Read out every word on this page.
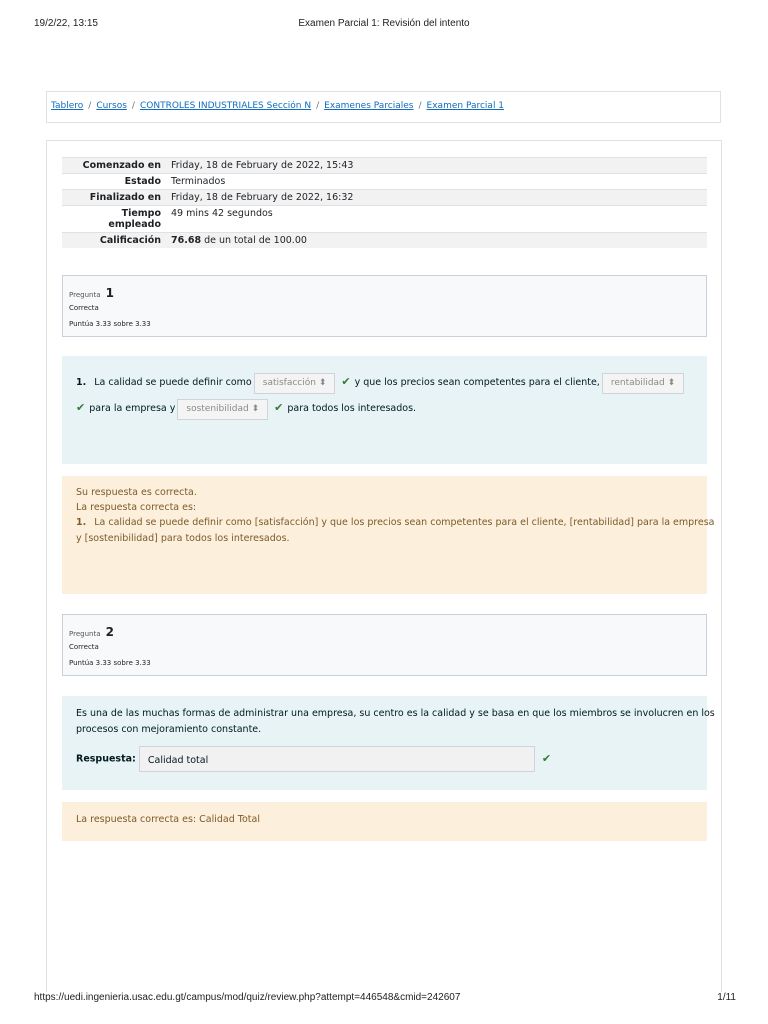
19/2/22, 13:15	Examen Parcial 1: Revisión del intento
Tablero / Cursos / CONTROLES INDUSTRIALES Sección N / Examenes Parciales / Examen Parcial 1
Comenzado en	Friday, 18 de February de 2022, 15:43
Estado	Terminados
Finalizado en	Friday, 18 de February de 2022, 16:32
Tiempo
empleado	49 mins 42 segundos
Calificación	76.68 de un total de 100.00
Pregunta 1
Correcta
Puntúa 3.33 sobre 3.33
1. La calidad se puede definir como satisfacción ⬍ ✔ y que los precios sean competentes para el cliente, rentabilidad ⬍
✔ para la empresa y sostenibilidad ⬍ ✔ para todos los interesados.
Su respuesta es correcta.
La respuesta correcta es:
1. La calidad se puede definir como [satisfacción] y que los precios sean competentes para el cliente, [rentabilidad] para la empresa
y [sostenibilidad] para todos los interesados.
Pregunta 2
Correcta
Puntúa 3.33 sobre 3.33
Es una de las muchas formas de administrar una empresa, su centro es la calidad y se basa en que los miembros se involucren en los
procesos con mejoramiento constante.
Respuesta: Calidad total	✔
La respuesta correcta es: Calidad Total
https://uedi.ingenieria.usac.edu.gt/campus/mod/quiz/review.php?attempt=446548&cmid=242607	1/11
